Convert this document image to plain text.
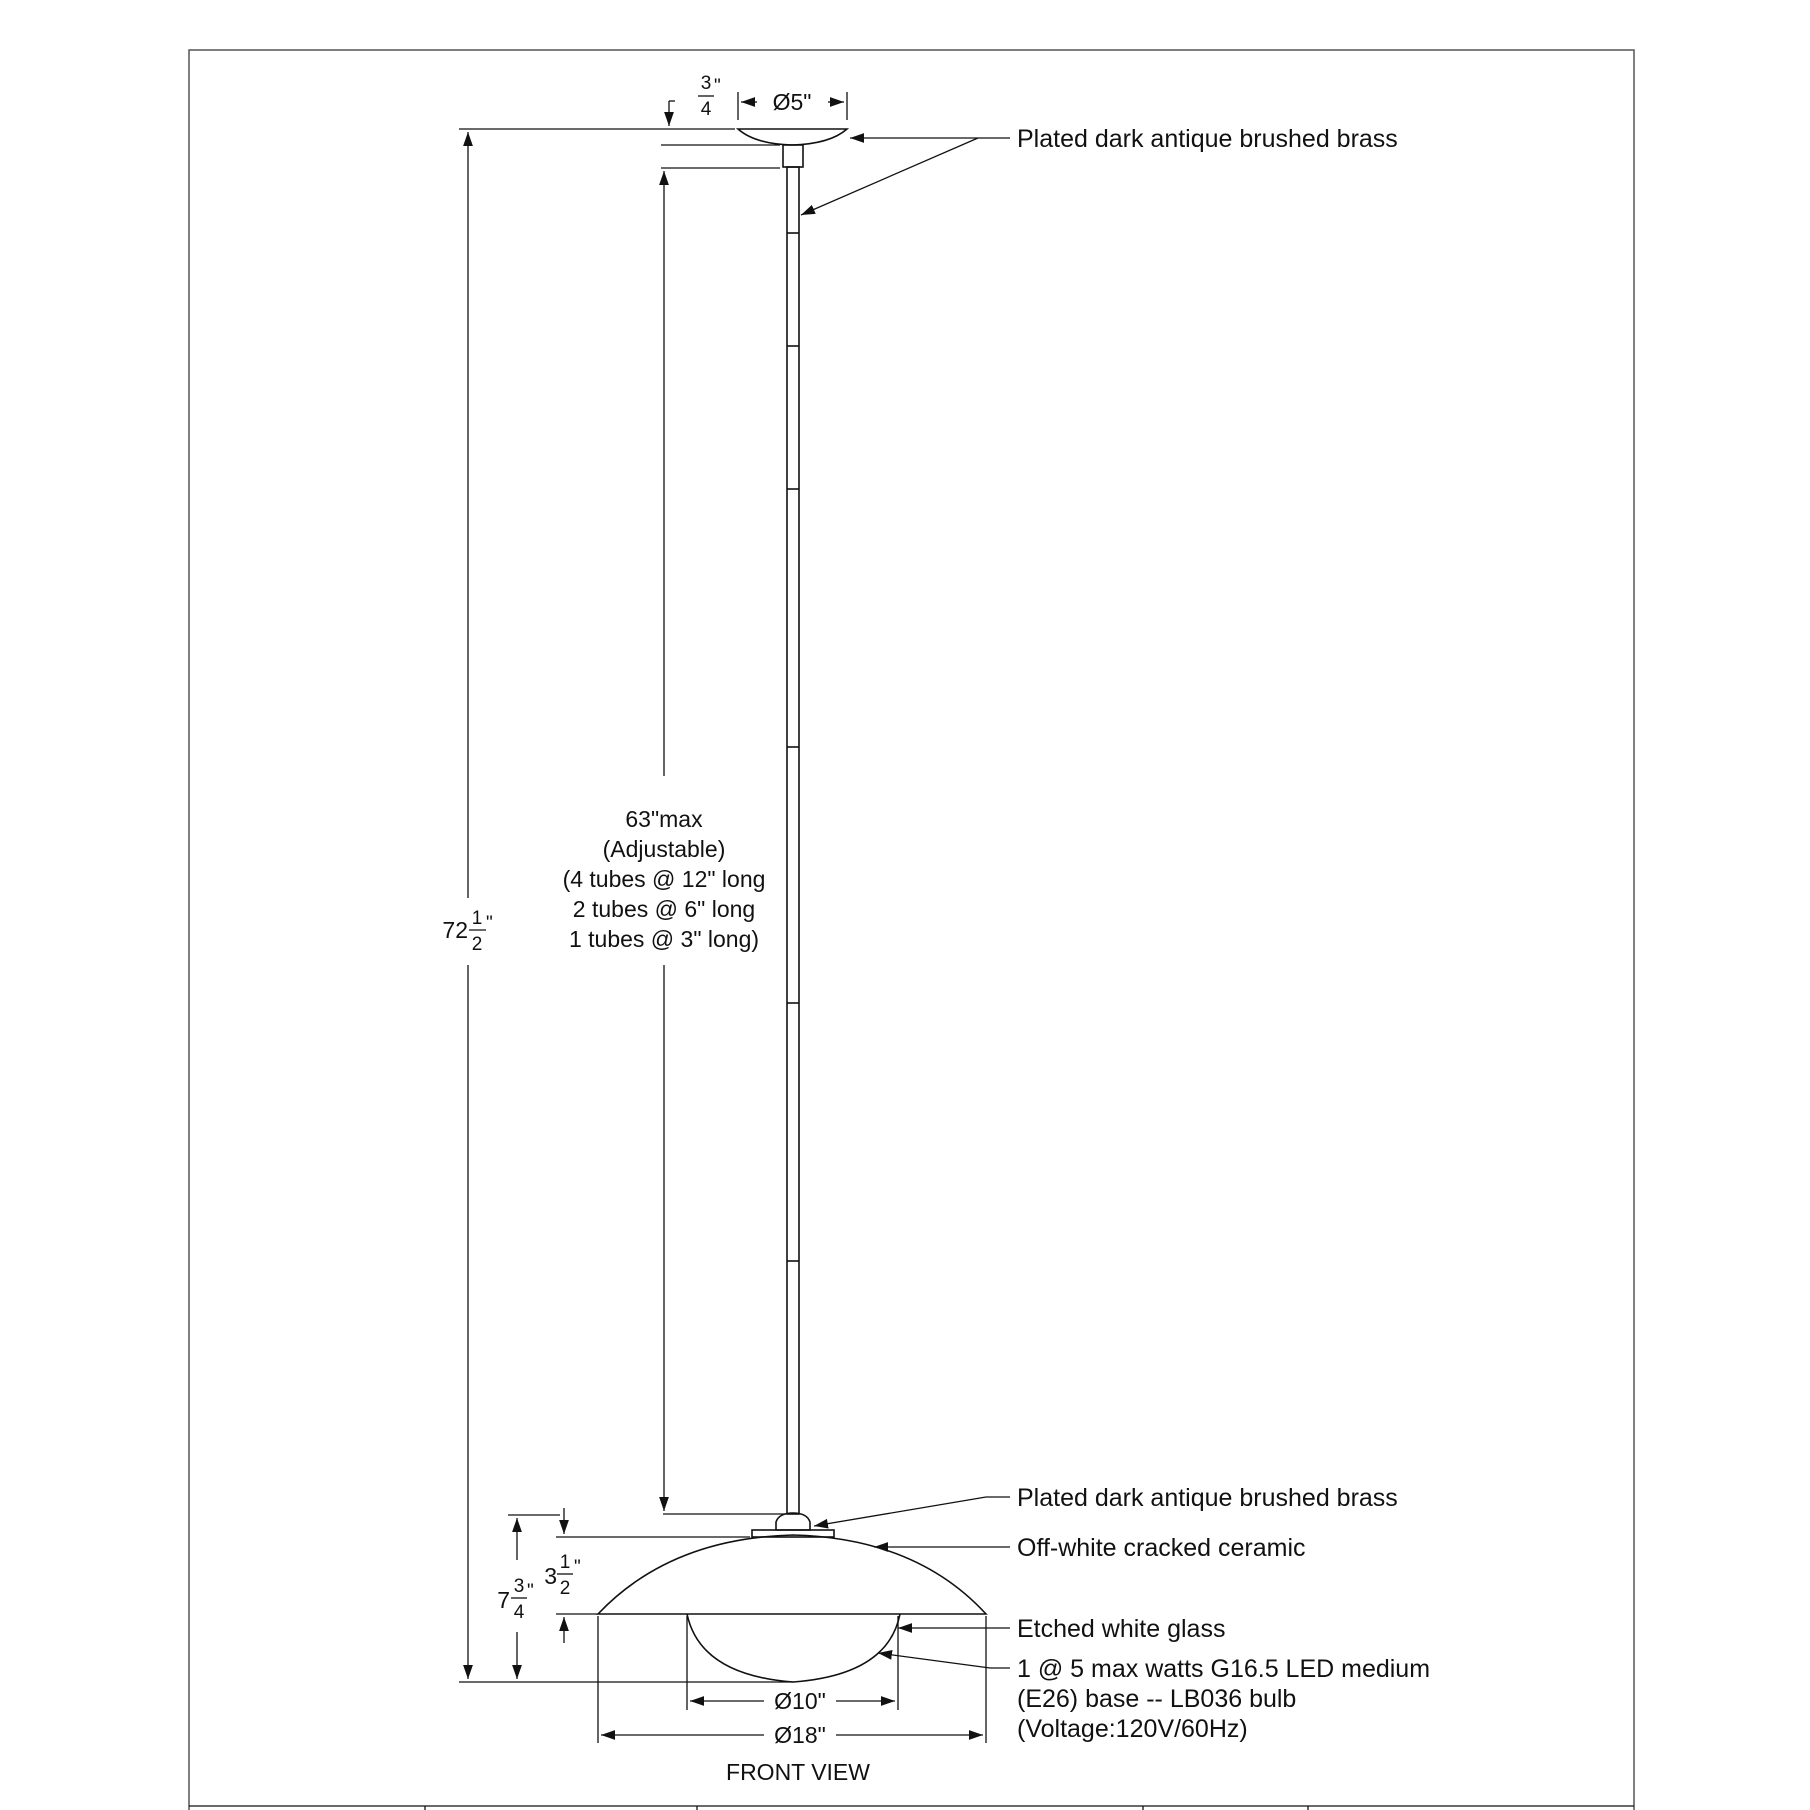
3
4
"
Ø5"
72 1
2
"
63"max
(Adjustable)
(4 tubes @ 12" long
2 tubes @ 6" long
1 tubes @ 3" long)
7
3
4
"
3
1
2
"
Ø10"
Ø18"
FRONT VIEW
Plated dark antique brushed brass
Plated dark antique brushed brass
Off-white cracked ceramic
Etched white glass
1 @ 5 max watts G16.5 LED medium
(E26) base -- LB036 bulb
(Voltage:120V/60Hz)
